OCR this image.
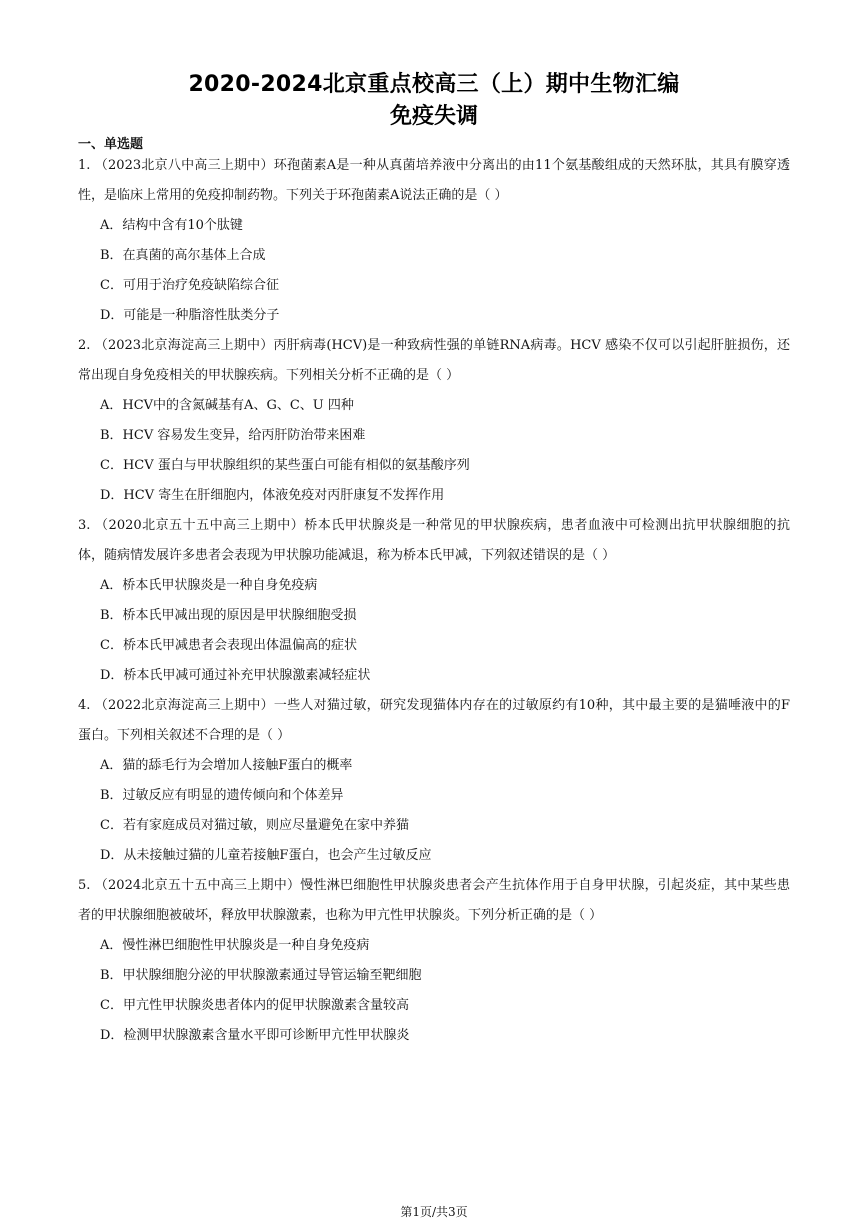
2020-2024北京重点校高三（上）期中生物汇编
免疫失调
一、单选题

1. （2023北京八中高三上期中）环孢菌素A是一种从真菌培养液中分离出的由11个氨基酸组成的天然环肽，其具有膜穿透性，是临床上常用的免疫抑制药物。下列关于环孢菌素A说法正确的是（ ）

A．结构中含有10个肽键

B．在真菌的高尔基体上合成

C．可用于治疗免疫缺陷综合征

D．可能是一种脂溶性肽类分子

2. （2023北京海淀高三上期中）丙肝病毒(HCV)是一种致病性强的单链RNA病毒。HCV 感染不仅可以引起肝脏损伤，还常出现自身免疫相关的甲状腺疾病。下列相关分析不正确的是（ ）

A．HCV中的含氮碱基有A、G、C、U 四种

B．HCV 容易发生变异，给丙肝防治带来困难

C．HCV 蛋白与甲状腺组织的某些蛋白可能有相似的氨基酸序列

D．HCV 寄生在肝细胞内，体液免疫对丙肝康复不发挥作用

3. （2020北京五十五中高三上期中）桥本氏甲状腺炎是一种常见的甲状腺疾病，患者血液中可检测出抗甲状腺细胞的抗体，随病情发展许多患者会表现为甲状腺功能减退，称为桥本氏甲减，下列叙述错误的是（ ）

A．桥本氏甲状腺炎是一种自身免疫病

B．桥本氏甲减出现的原因是甲状腺细胞受损

C．桥本氏甲减患者会表现出体温偏高的症状

D．桥本氏甲减可通过补充甲状腺激素减轻症状

4. （2022北京海淀高三上期中）一些人对猫过敏，研究发现猫体内存在的过敏原约有10种，其中最主要的是猫唾液中的F蛋白。下列相关叙述不合理的是（ ）

A．猫的舔毛行为会增加人接触F蛋白的概率

B．过敏反应有明显的遗传倾向和个体差异

C．若有家庭成员对猫过敏，则应尽量避免在家中养猫

D．从未接触过猫的儿童若接触F蛋白，也会产生过敏反应

5. （2024北京五十五中高三上期中）慢性淋巴细胞性甲状腺炎患者会产生抗体作用于自身甲状腺，引起炎症，其中某些患者的甲状腺细胞被破坏，释放甲状腺激素，也称为甲亢性甲状腺炎。下列分析正确的是（ ）

A．慢性淋巴细胞性甲状腺炎是一种自身免疫病

B．甲状腺细胞分泌的甲状腺激素通过导管运输至靶细胞

C．甲亢性甲状腺炎患者体内的促甲状腺激素含量较高

D．检测甲状腺激素含量水平即可诊断甲亢性甲状腺炎

第1页/共3页
